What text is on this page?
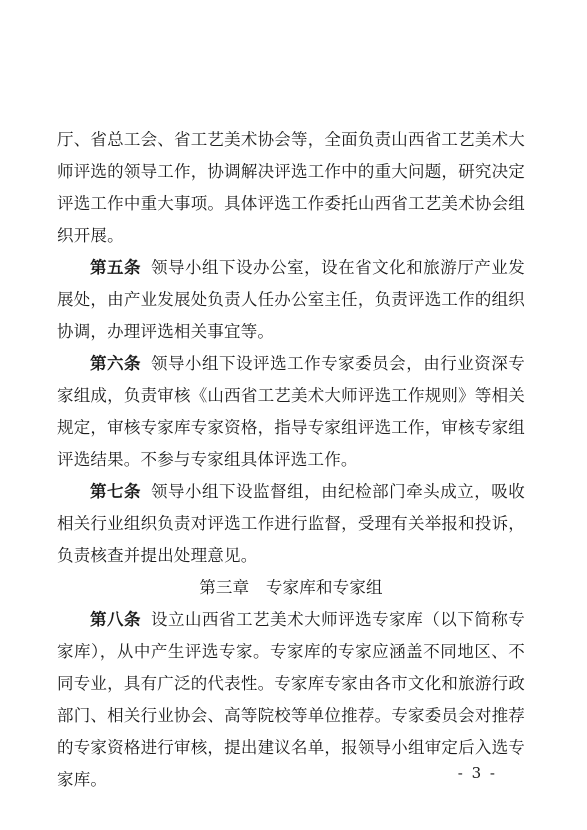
厅、省总工会、省工艺美术协会等，全面负责山西省工艺美术大师评选的领导工作，协调解决评选工作中的重大问题，研究决定评选工作中重大事项。具体评选工作委托山西省工艺美术协会组织开展。

第五条 领导小组下设办公室，设在省文化和旅游厅产业发展处，由产业发展处负责人任办公室主任，负责评选工作的组织协调，办理评选相关事宜等。

第六条 领导小组下设评选工作专家委员会，由行业资深专家组成，负责审核《山西省工艺美术大师评选工作规则》等相关规定，审核专家库专家资格，指导专家组评选工作，审核专家组评选结果。不参与专家组具体评选工作。

第七条 领导小组下设监督组，由纪检部门牵头成立，吸收相关行业组织负责对评选工作进行监督，受理有关举报和投诉，负责核查并提出处理意见。

第三章 专家库和专家组

第八条 设立山西省工艺美术大师评选专家库（以下简称专家库），从中产生评选专家。专家库的专家应涵盖不同地区、不同专业，具有广泛的代表性。专家库专家由各市文化和旅游行政部门、相关行业协会、高等院校等单位推荐。专家委员会对推荐的专家资格进行审核，提出建议名单，报领导小组审定后入选专家库。	- 3 -
